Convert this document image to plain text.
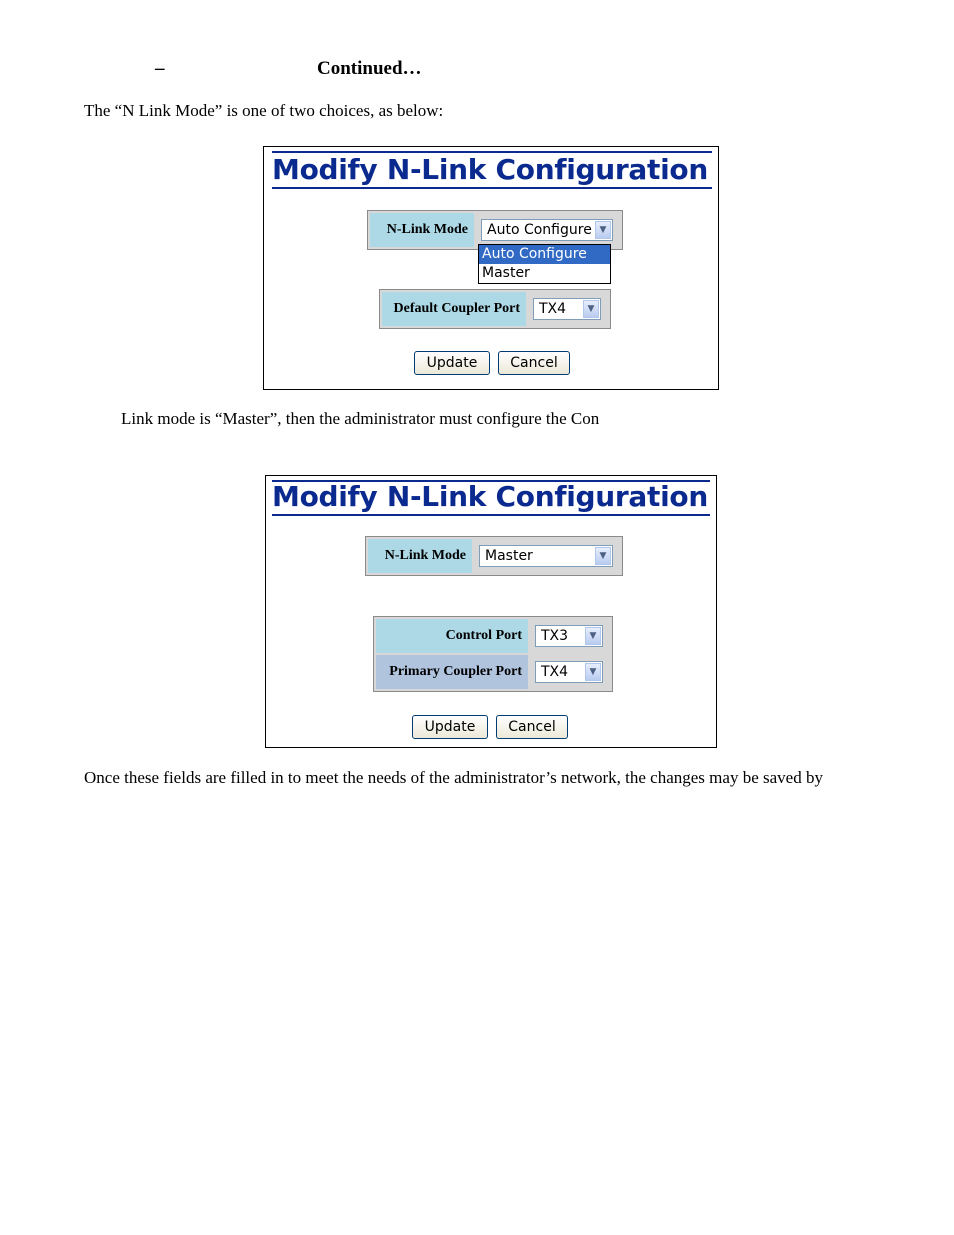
–	Continued…
The “N Link Mode” is one of two choices, as below:
Modify N-Link Configuration
N-Link Mode	Auto Configure ▼
Auto Configure
Master
Default Coupler Port	TX4	▼
Update	Cancel
Link mode is “Master”, then the administrator must configure the Con
Modify N-Link Configuration
N-Link Mode	Master	▼
Control Port	TX3	▼
Primary Coupler Port	TX4	▼
Update	Cancel
Once these fields are filled in to meet the needs of the administrator’s network, the changes may be saved by
